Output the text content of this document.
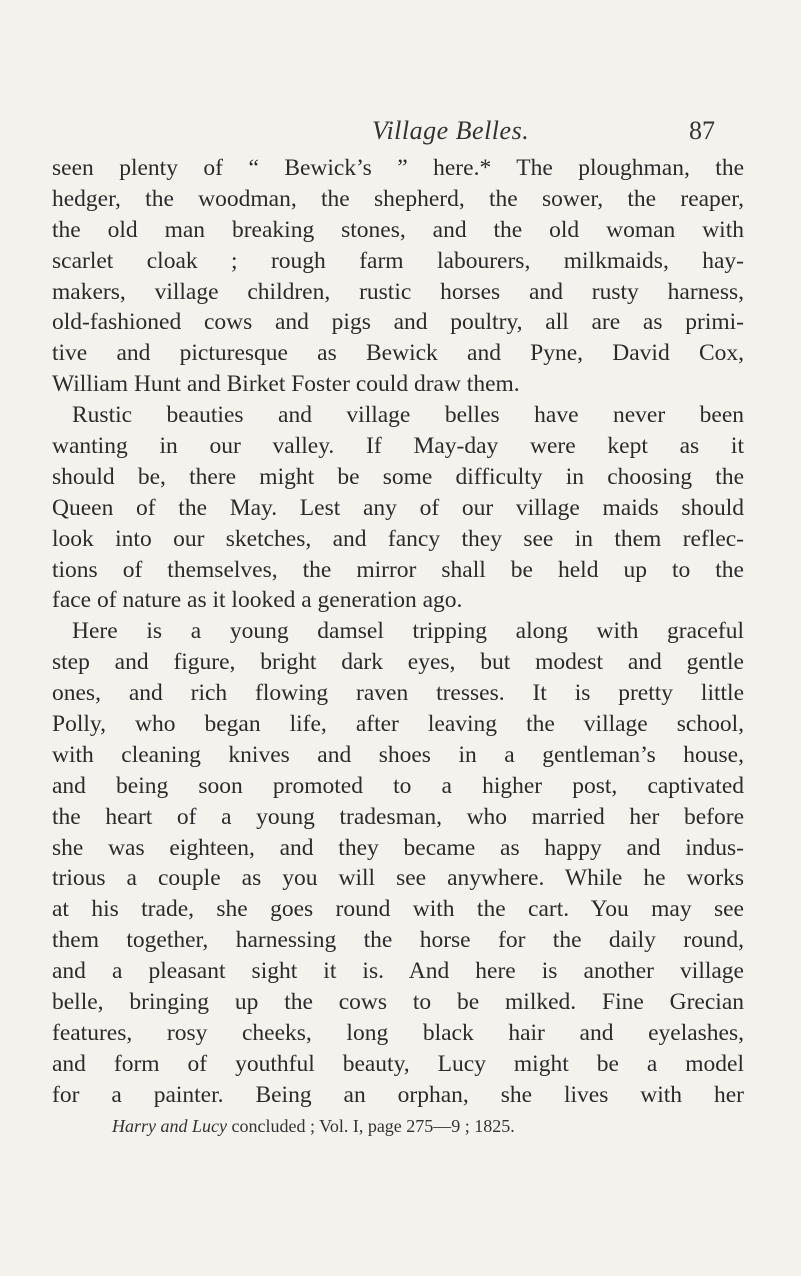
Village Belles.	87
seen plenty of “ Bewick’s ” here.* The ploughman, the
hedger, the woodman, the shepherd, the sower, the reaper,
the old man breaking stones, and the old woman with
scarlet cloak ; rough farm labourers, milkmaids, hay-
makers, village children, rustic horses and rusty harness,
old-fashioned cows and pigs and poultry, all are as primi-
tive and picturesque as Bewick and Pyne, David Cox,
William Hunt and Birket Foster could draw them.
Rustic beauties and village belles have never been
wanting in our valley. If May-day were kept as it
should be, there might be some difficulty in choosing the
Queen of the May. Lest any of our village maids should
look into our sketches, and fancy they see in them reflec-
tions of themselves, the mirror shall be held up to the
face of nature as it looked a generation ago.
Here is a young damsel tripping along with graceful
step and figure, bright dark eyes, but modest and gentle
ones, and rich flowing raven tresses. It is pretty little
Polly, who began life, after leaving the village school,
with cleaning knives and shoes in a gentleman’s house,
and being soon promoted to a higher post, captivated
the heart of a young tradesman, who married her before
she was eighteen, and they became as happy and indus-
trious a couple as you will see anywhere. While he works
at his trade, she goes round with the cart. You may see
them together, harnessing the horse for the daily round,
and a pleasant sight it is. And here is another village
belle, bringing up the cows to be milked. Fine Grecian
features, rosy cheeks, long black hair and eyelashes,
and form of youthful beauty, Lucy might be a model
for a painter. Being an orphan, she lives with her
Harry and Lucy concluded ; Vol. I, page 275—9 ; 1825.
